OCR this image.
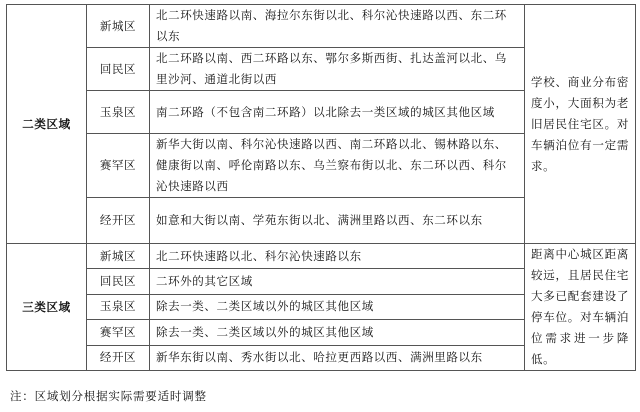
二类区域	新城区	北二环快速路以南、海拉尔东街以北、科尔沁快速路以西、东二环以东	学校、商业分布密度小，大面积为老旧居民住宅区。对车辆泊位有一定需求。

	回民区	北二环路以南、西二环路以东、鄂尔多斯西街、扎达盖河以北、乌里沙河、通道北街以西	
	玉泉区	南二环路（不包含南二环路）以北除去一类区域的城区其他区域	
	赛罕区	新华大街以南、科尔沁快速路以西、南二环路以北、锡林路以东、健康街以南、呼伦南路以东、乌兰察布街以北、东二环以西、科尔沁快速路以西	
	经开区	如意和大街以南、学苑东街以北、满洲里路以西、东二环以东	
三类区域	新城区	北二环快速路以北、科尔沁快速路以东	距离中心城区距离较远，且居民住宅大多已配套建设了停车位。对车辆泊位需求进一步降低。

	回民区	二环外的其它区域	
	玉泉区	除去一类、二类区域以外的城区其他区域	
	赛罕区	除去一类、二类区域以外的城区其他区域	
	经开区	新华东街以南、秀水街以北、哈拉更西路以西、满洲里路以东	
注：区域划分根据实际需要适时调整
